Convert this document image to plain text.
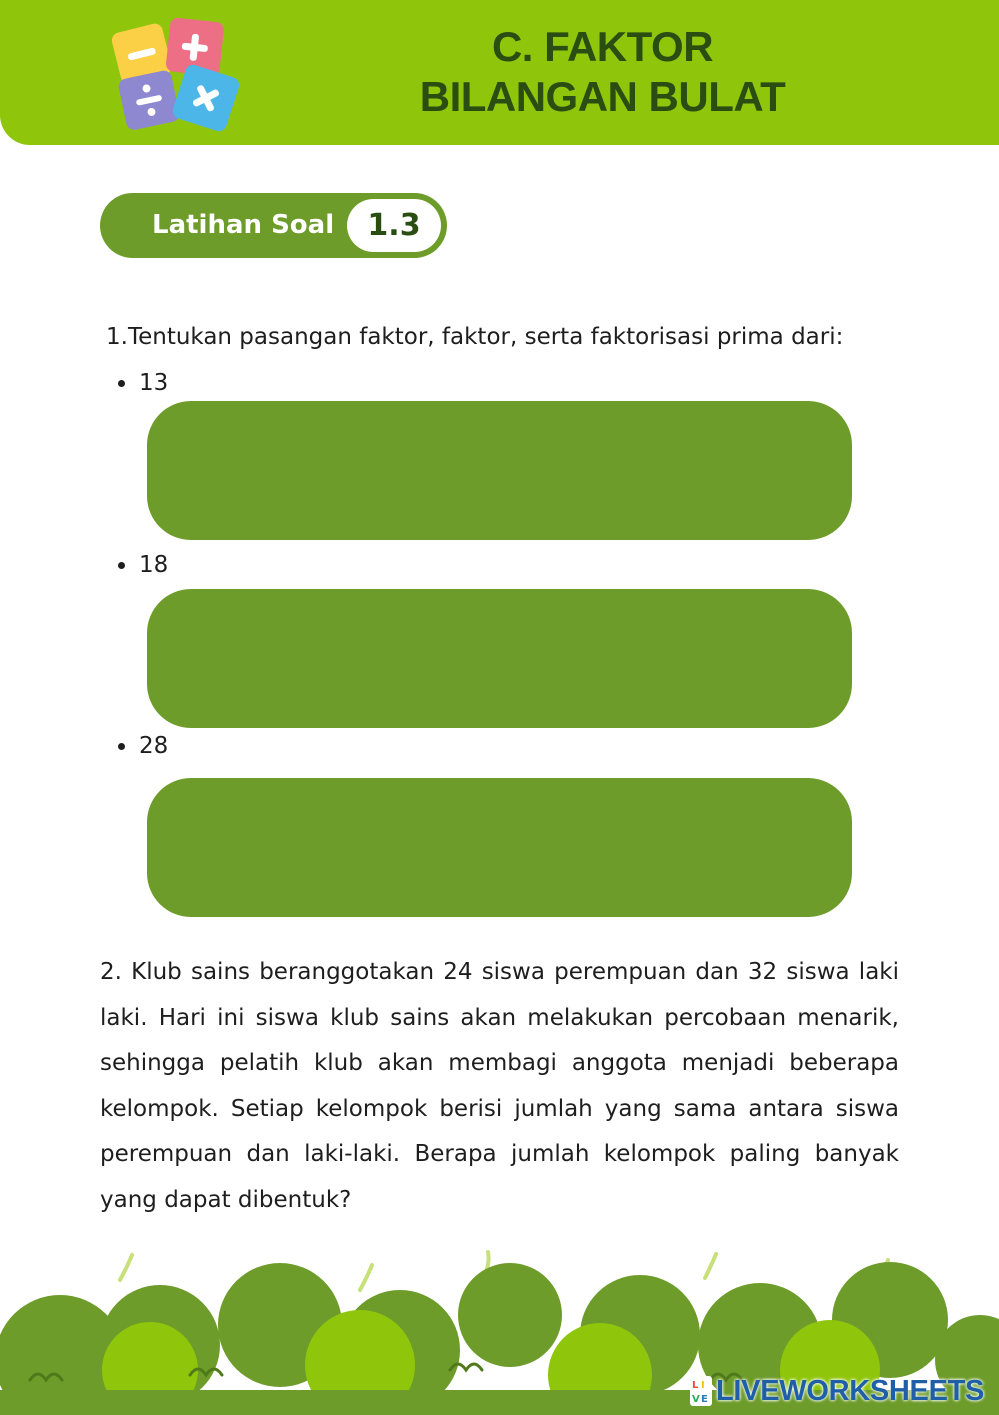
C. FAKTOR
BILANGAN BULAT
Latihan Soal	1.3
1.Tentukan pasangan faktor, faktor, serta faktorisasi prima dari:
13
18
28
2. Klub sains beranggotakan 24 siswa perempuan dan 32 siswa laki laki. Hari ini siswa klub sains akan melakukan percobaan menarik, sehingga pelatih klub akan membagi anggota menjadi beberapa kelompok. Setiap kelompok berisi jumlah yang sama antara siswa perempuan dan laki-laki. Berapa jumlah kelompok paling banyak yang dapat dibentuk?
L I
V E LIVEWORKSHEETS
